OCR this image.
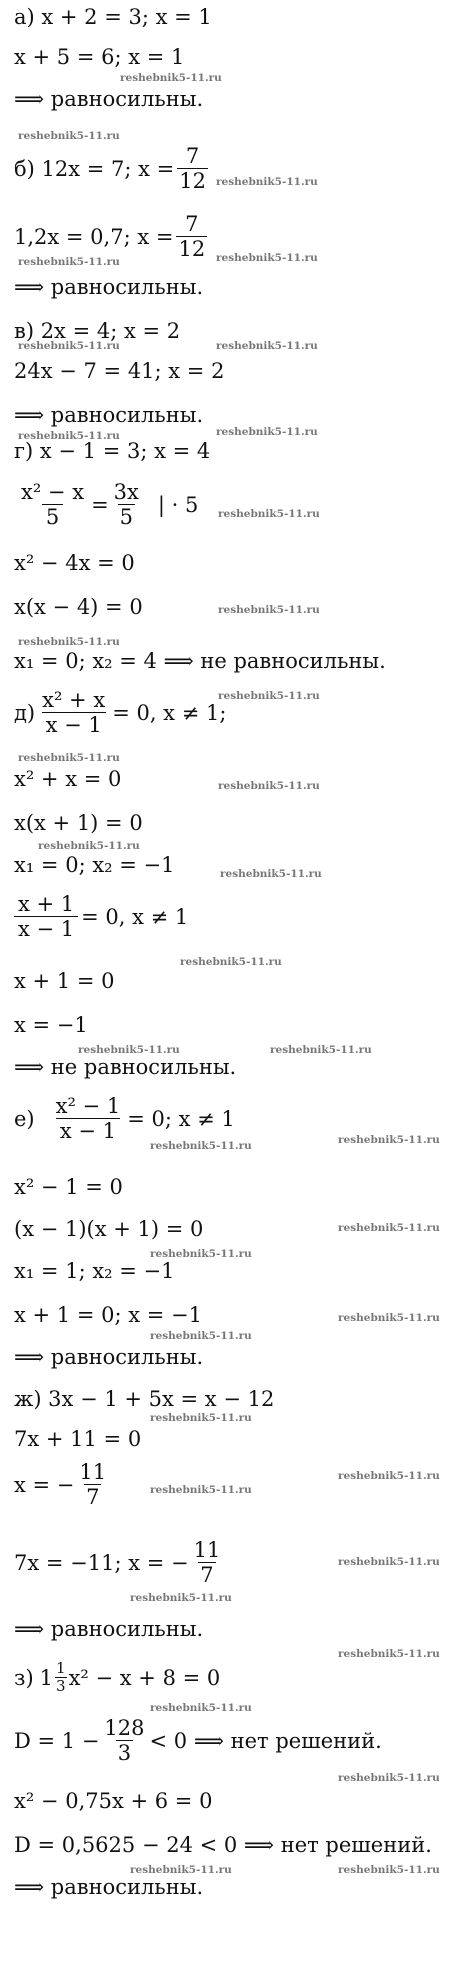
а) x + 2 = 3; x = 1
x + 5 = 6; x = 1
reshebnik5-11.ru
⟹ равносильны.
reshebnik5-11.ru
б) 12x = 7; $x = \frac{7}{12}$ reshebnik5-11.ru
1,2x = 0,7; $x = \frac{7}{12}$
reshebnik5-11.ru	reshebnik5-11.ru
⟹ равносильны.
в) 2x = 4; x = 2
reshebnik5-11.ru	reshebnik5-11.ru
24x − 7 = 41; x = 2
⟹ равносильны.
reshebnik5-11.ru	reshebnik5-11.ru
г) x − 1 = 3; x = 4
$\frac{\text{x² − x}}{5} = \frac{3x}{5}$ | · 5 reshebnik5-11.ru
x² − 4x = 0
x(x − 4) = 0	reshebnik5-11.ru
reshebnik5-11.ru
x₁ = 0; x₂ = 4 ⟹ не равносильны.
reshebnik5-11.ru
$д) \frac{\text{x² + x}}{x - 1} = 0$, x ≠ 1;
reshebnik5-11.ru
x² + x = 0	reshebnik5-11.ru
x(x + 1) = 0
reshebnik5-11.ru
x₁ = 0; x₂ = −1	reshebnik5-11.ru
$\frac{x + 1}{x - 1} = 0$, x ≠ 1
reshebnik5-11.ru
x + 1 = 0
x = −1
reshebnik5-11.ru	reshebnik5-11.ru
⟹ не равносильны.
$е) \frac{\text{x² − 1}}{x - 1} = 0$; x ≠ 1
reshebnik5-11.ru	reshebnik5-11.ru
x² − 1 = 0
(x − 1)(x + 1) = 0	reshebnik5-11.ru
reshebnik5-11.ru
x₁ = 1; x₂ = −1
x + 1 = 0; x = −1	reshebnik5-11.ru
reshebnik5-11.ru
⟹ равносильны.
ж) 3x − 1 + 5x = x − 12
reshebnik5-11.ru
7x + 11 = 0
x = − $\frac{11}{7}$	reshebnik5-11.ru
reshebnik5-11.ru
7x = −11; x = − $\frac{11}{7}$	reshebnik5-11.ru
reshebnik5-11.ru
⟹ равносильны.
reshebnik5-11.ru
з) $1 \frac{1}{3} x^2 - x + 8 = 0$
reshebnik5-11.ru
$D = 1 - \frac{128}{3} < 0$ ⟹ нет решений.
reshebnik5-11.ru
x² − 0,75x + 6 = 0
D = 0,5625 − 24 < 0 ⟹ нет решений.
reshebnik5-11.ru	reshebnik5-11.ru
⟹ равносильны.
